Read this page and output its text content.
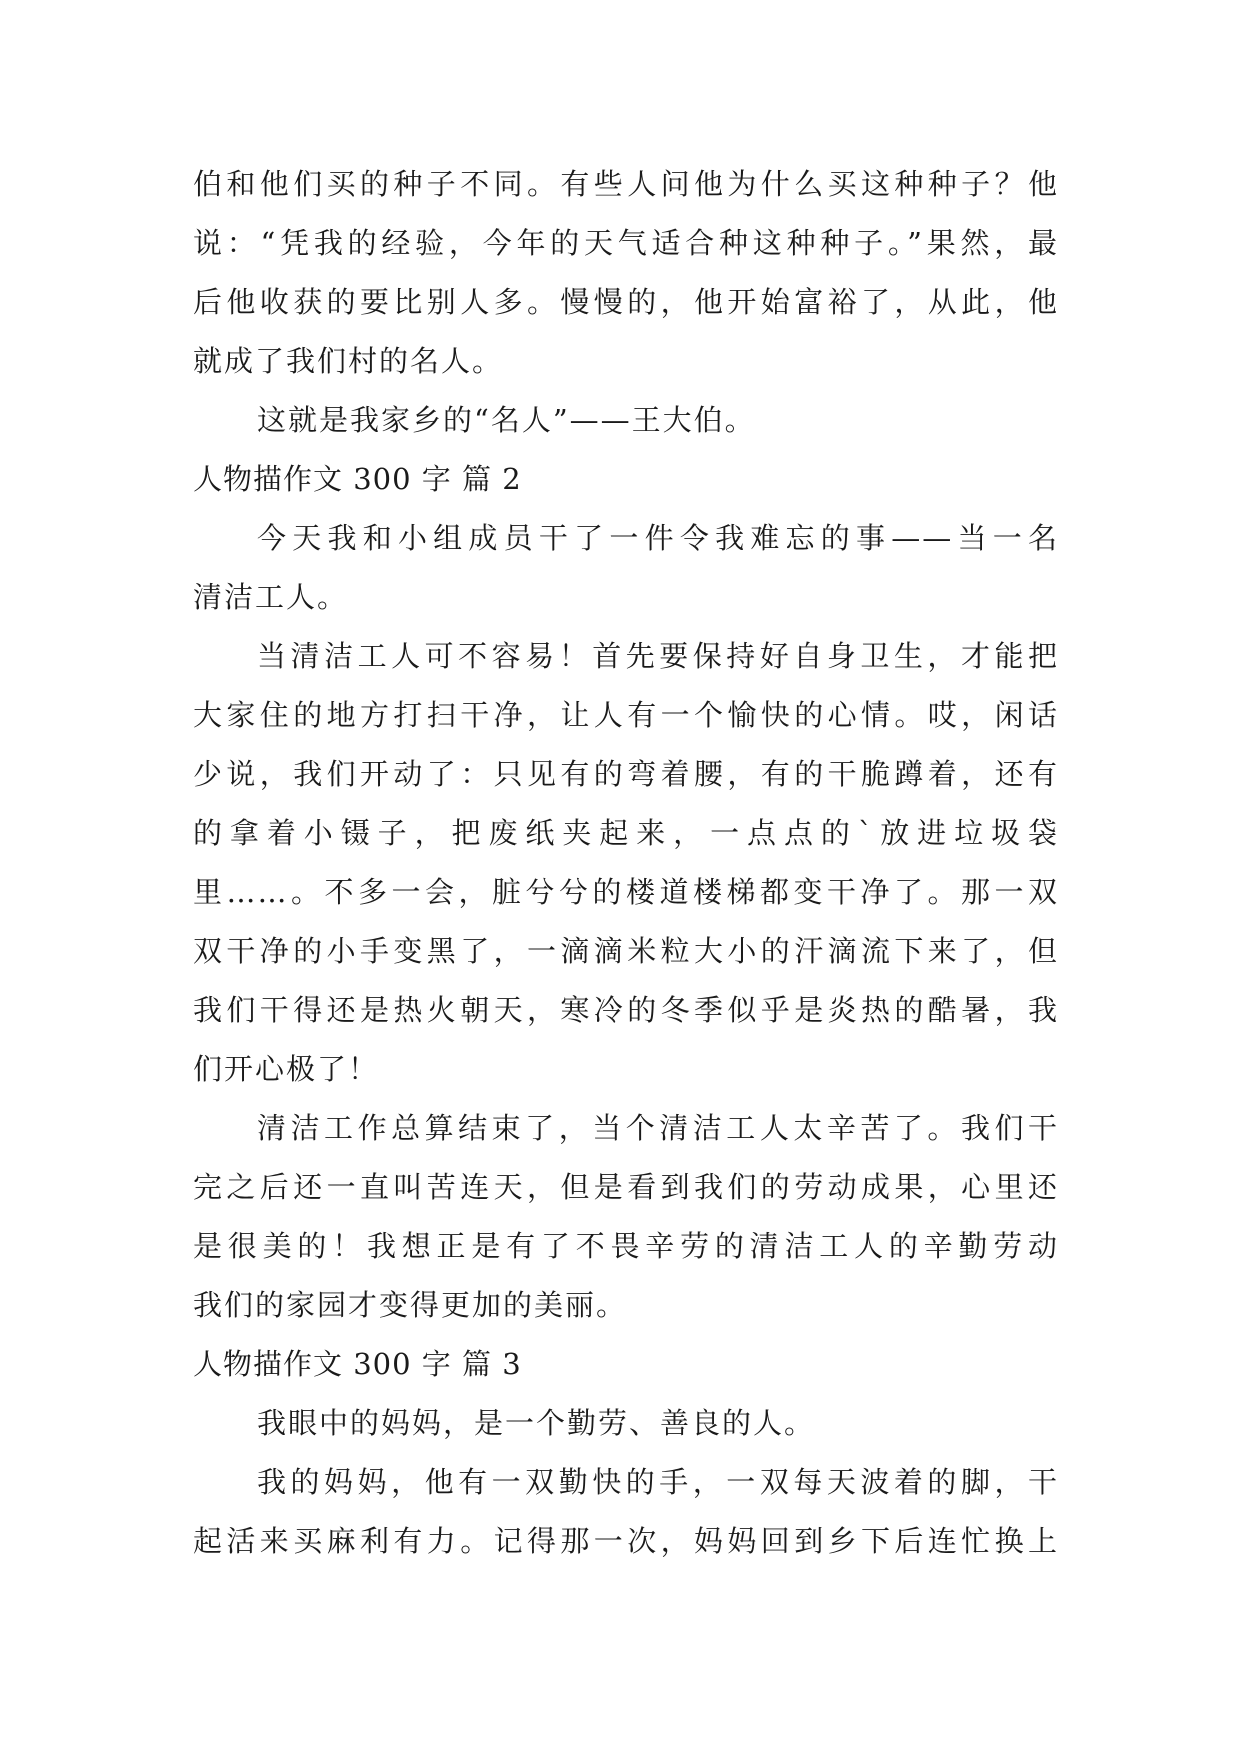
伯和他们买的种子不同。有些人问他为什么买这种种子？他
说：“凭我的经验，今年的天气适合种这种种子。”果然，最
后他收获的要比别人多。慢慢的，他开始富裕了，从此，他
就成了我们村的名人。
这就是我家乡的“名人”——王大伯。
人物描作文 300 字 篇 2
今天我和小组成员干了一件令我难忘的事——当一名
清洁工人。
当清洁工人可不容易！首先要保持好自身卫生，才能把
大家住的地方打扫干净，让人有一个愉快的心情。哎，闲话
少说，我们开动了：只见有的弯着腰，有的干脆蹲着，还有
的拿着小镊子，把废纸夹起来，一点点的`放进垃圾袋
里……。不多一会，脏兮兮的楼道楼梯都变干净了。那一双
双干净的小手变黑了，一滴滴米粒大小的汗滴流下来了，但
我们干得还是热火朝天，寒冷的冬季似乎是炎热的酷暑，我
们开心极了！
清洁工作总算结束了，当个清洁工人太辛苦了。我们干
完之后还一直叫苦连天，但是看到我们的劳动成果，心里还
是很美的！我想正是有了不畏辛劳的清洁工人的辛勤劳动
我们的家园才变得更加的美丽。
人物描作文 300 字 篇 3
我眼中的妈妈，是一个勤劳、善良的人。
我的妈妈，他有一双勤快的手，一双每天波着的脚，干
起活来买麻利有力。记得那一次，妈妈回到乡下后连忙换上
